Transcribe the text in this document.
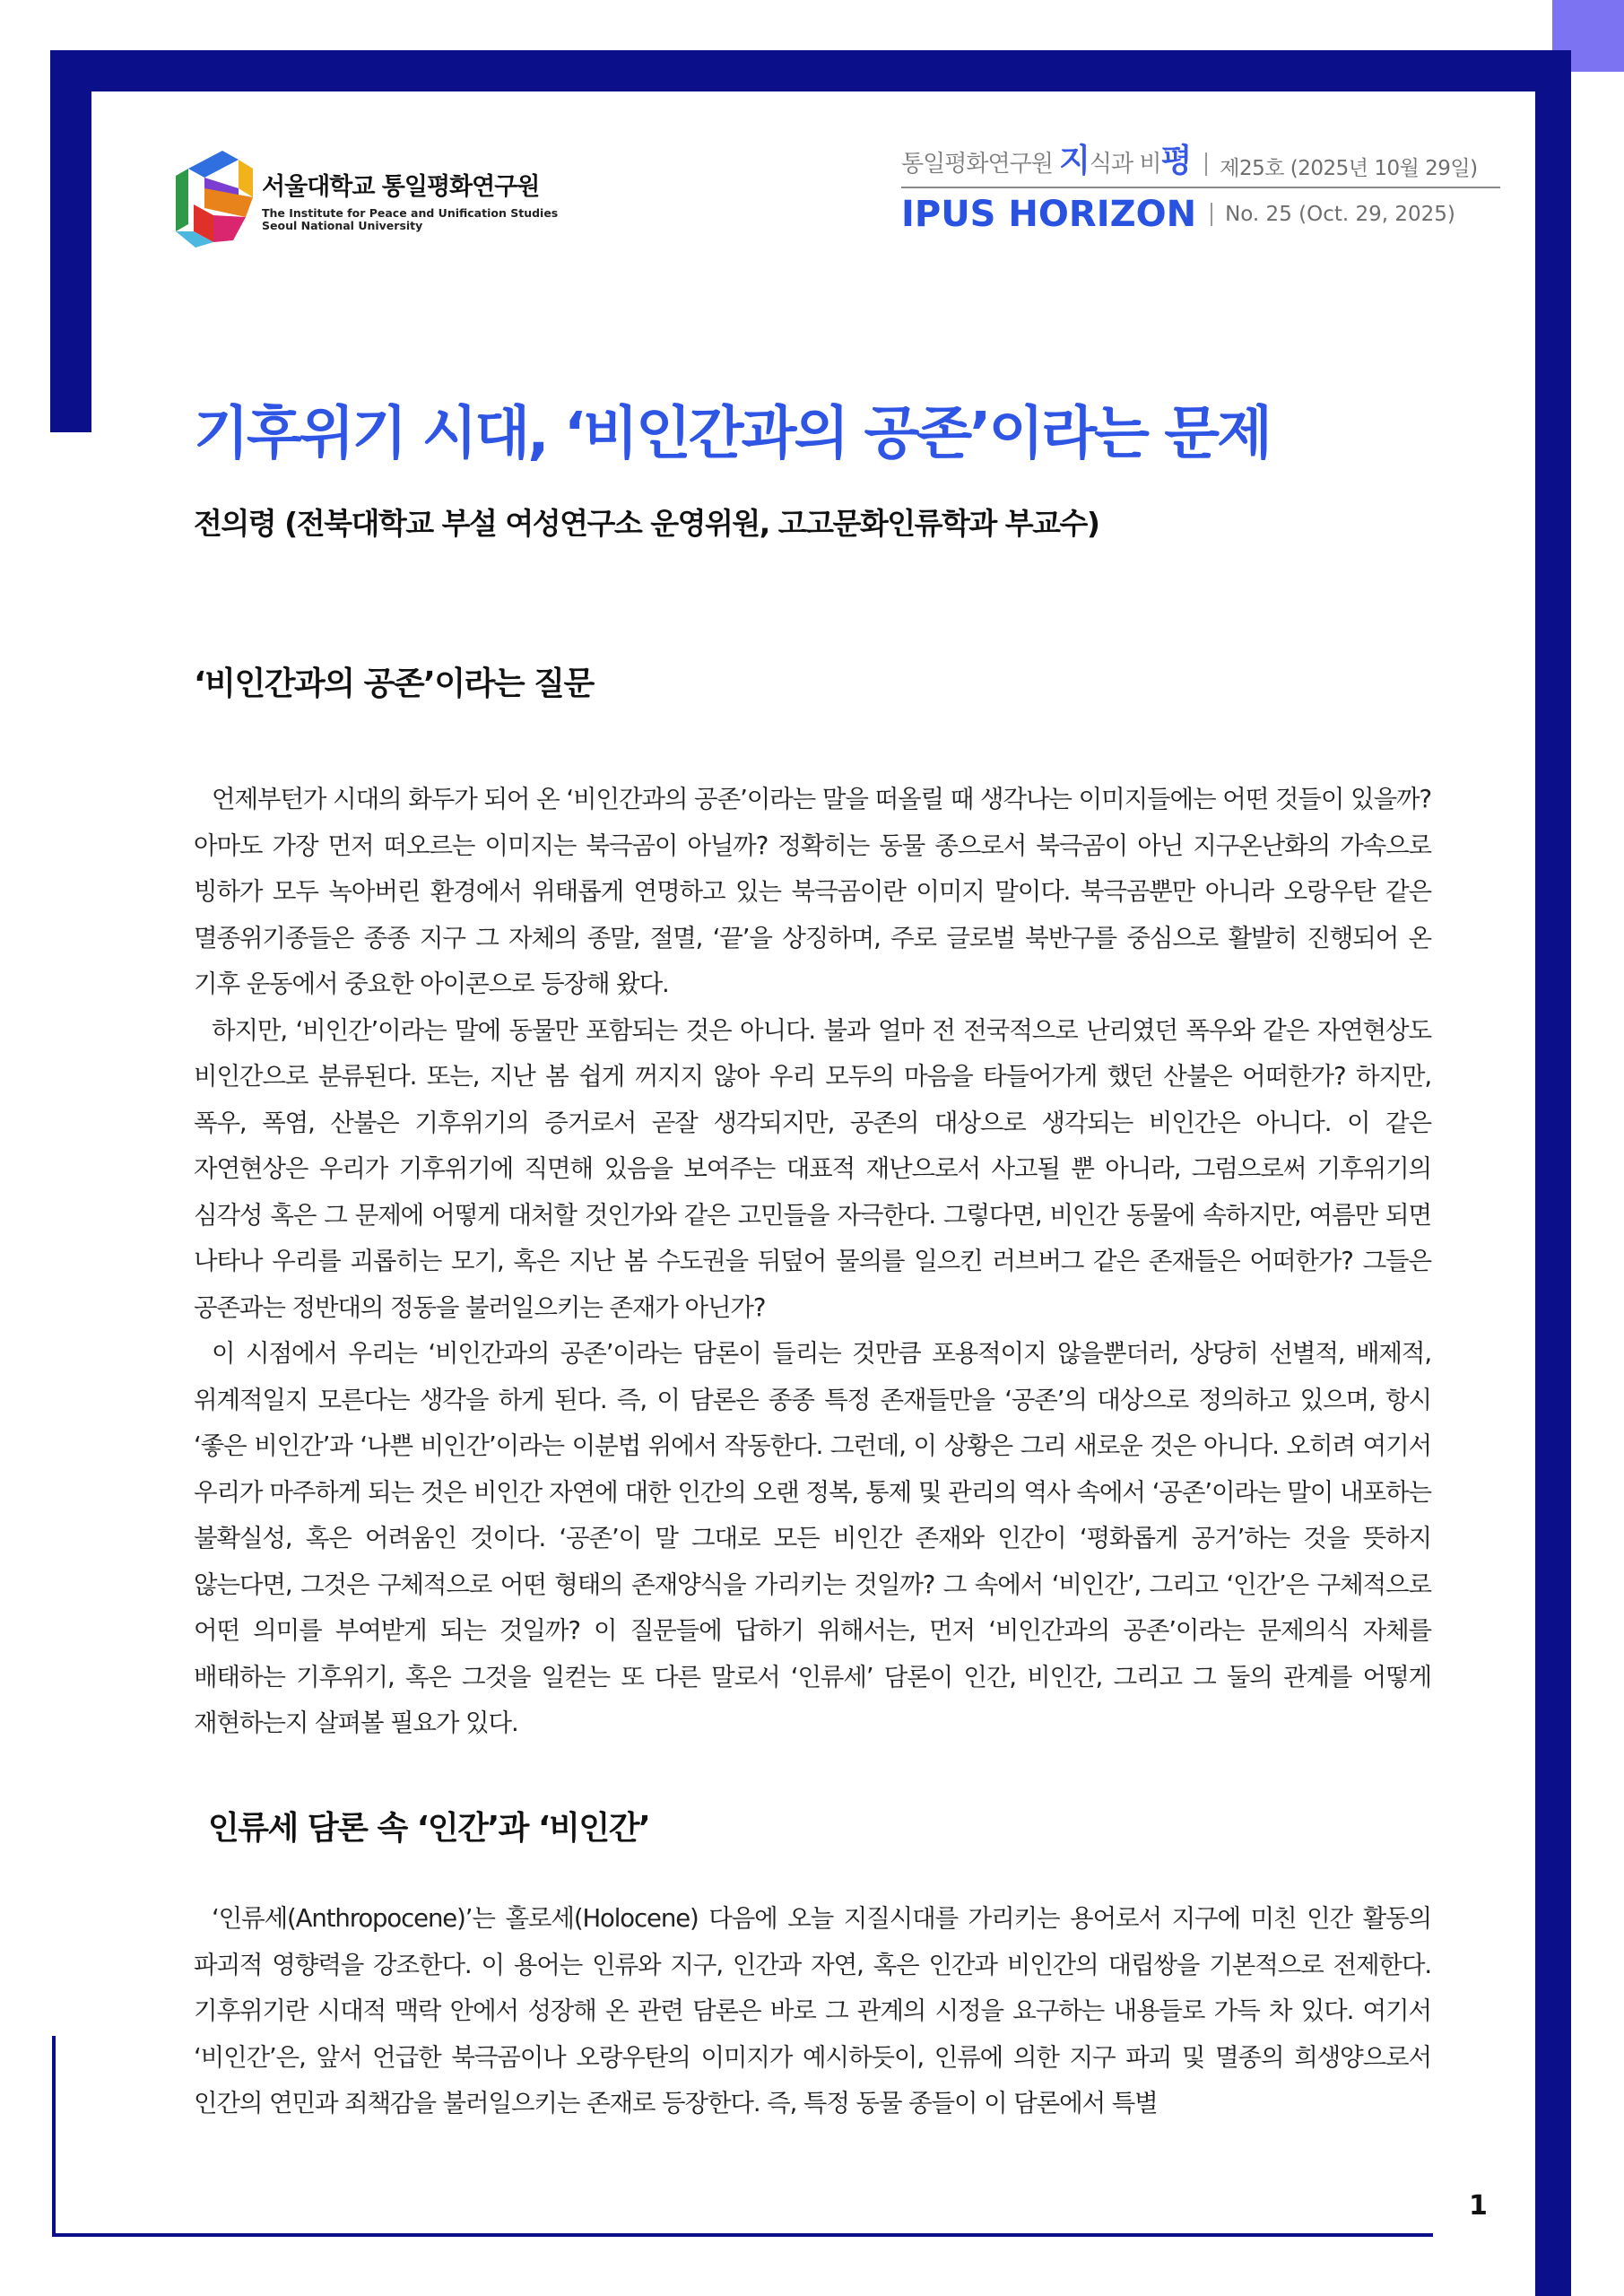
서울대학교 통일평화연구원
The Institute for Peace and Unification Studies
Seoul National University
통일평화연구원 지식과 비평 제25호 (2025년 10월 29일)
IPUS HORIZON No. 25 (Oct. 29, 2025)
기후위기 시대, ‘비인간과의 공존’이라는 문제
전의령 (전북대학교 부설 여성연구소 운영위원, 고고문화인류학과 부교수)
‘비인간과의 공존’이라는 질문

언제부턴가 시대의 화두가 되어 온 ‘비인간과의 공존’이라는 말을 떠올릴 때 생각나는 이미지들에는 어떤 것들이 있을까? 아마도 가장 먼저 떠오르는 이미지는 북극곰이 아닐까? 정확히는 동물 종으로서 북극곰이 아닌 지구온난화의 가속으로 빙하가 모두 녹아버린 환경에서 위태롭게 연명하고 있는 북극곰이란 이미지 말이다. 북극곰뿐만 아니라 오랑우탄 같은 멸종위기종들은 종종 지구 그 자체의 종말, 절멸, ‘끝’을 상징하며, 주로 글로벌 북반구를 중심으로 활발히 진행되어 온 기후 운동에서 중요한 아이콘으로 등장해 왔다.

하지만, ‘비인간’이라는 말에 동물만 포함되는 것은 아니다. 불과 얼마 전 전국적으로 난리였던 폭우와 같은 자연현상도 비인간으로 분류된다. 또는, 지난 봄 쉽게 꺼지지 않아 우리 모두의 마음을 타들어가게 했던 산불은 어떠한가? 하지만, 폭우, 폭염, 산불은 기후위기의 증거로서 곧잘 생각되지만, 공존의 대상으로 생각되는 비인간은 아니다. 이 같은 자연현상은 우리가 기후위기에 직면해 있음을 보여주는 대표적 재난으로서 사고될 뿐 아니라, 그럼으로써 기후위기의 심각성 혹은 그 문제에 어떻게 대처할 것인가와 같은 고민들을 자극한다. 그렇다면, 비인간 동물에 속하지만, 여름만 되면 나타나 우리를 괴롭히는 모기, 혹은 지난 봄 수도권을 뒤덮어 물의를 일으킨 러브버그 같은 존재들은 어떠한가? 그들은 공존과는 정반대의 정동을 불러일으키는 존재가 아닌가?

이 시점에서 우리는 ‘비인간과의 공존’이라는 담론이 들리는 것만큼 포용적이지 않을뿐더러, 상당히 선별적, 배제적, 위계적일지 모른다는 생각을 하게 된다. 즉, 이 담론은 종종 특정 존재들만을 ‘공존’의 대상으로 정의하고 있으며, 항시 ‘좋은 비인간’과 ‘나쁜 비인간’이라는 이분법 위에서 작동한다. 그런데, 이 상황은 그리 새로운 것은 아니다. 오히려 여기서 우리가 마주하게 되는 것은 비인간 자연에 대한 인간의 오랜 정복, 통제 및 관리의 역사 속에서 ‘공존’이라는 말이 내포하는 불확실성, 혹은 어려움인 것이다. ‘공존’이 말 그대로 모든 비인간 존재와 인간이 ‘평화롭게 공거’하는 것을 뜻하지 않는다면, 그것은 구체적으로 어떤 형태의 존재양식을 가리키는 것일까? 그 속에서 ‘비인간’, 그리고 ‘인간’은 구체적으로 어떤 의미를 부여받게 되는 것일까? 이 질문들에 답하기 위해서는, 먼저 ‘비인간과의 공존’이라는 문제의식 자체를 배태하는 기후위기, 혹은 그것을 일컫는 또 다른 말로서 ‘인류세’ 담론이 인간, 비인간, 그리고 그 둘의 관계를 어떻게 재현하는지 살펴볼 필요가 있다.

인류세 담론 속 ‘인간’과 ‘비인간’

‘인류세(Anthropocene)’는 홀로세(Holocene) 다음에 오늘 지질시대를 가리키는 용어로서 지구에 미친 인간 활동의 파괴적 영향력을 강조한다. 이 용어는 인류와 지구, 인간과 자연, 혹은 인간과 비인간의 대립쌍을 기본적으로 전제한다. 기후위기란 시대적 맥락 안에서 성장해 온 관련 담론은 바로 그 관계의 시정을 요구하는 내용들로 가득 차 있다. 여기서 ‘비인간’은, 앞서 언급한 북극곰이나 오랑우탄의 이미지가 예시하듯이, 인류에 의한 지구 파괴 및 멸종의 희생양으로서 인간의 연민과 죄책감을 불러일으키는 존재로 등장한다. 즉, 특정 동물 종들이 이 담론에서 특별

1
